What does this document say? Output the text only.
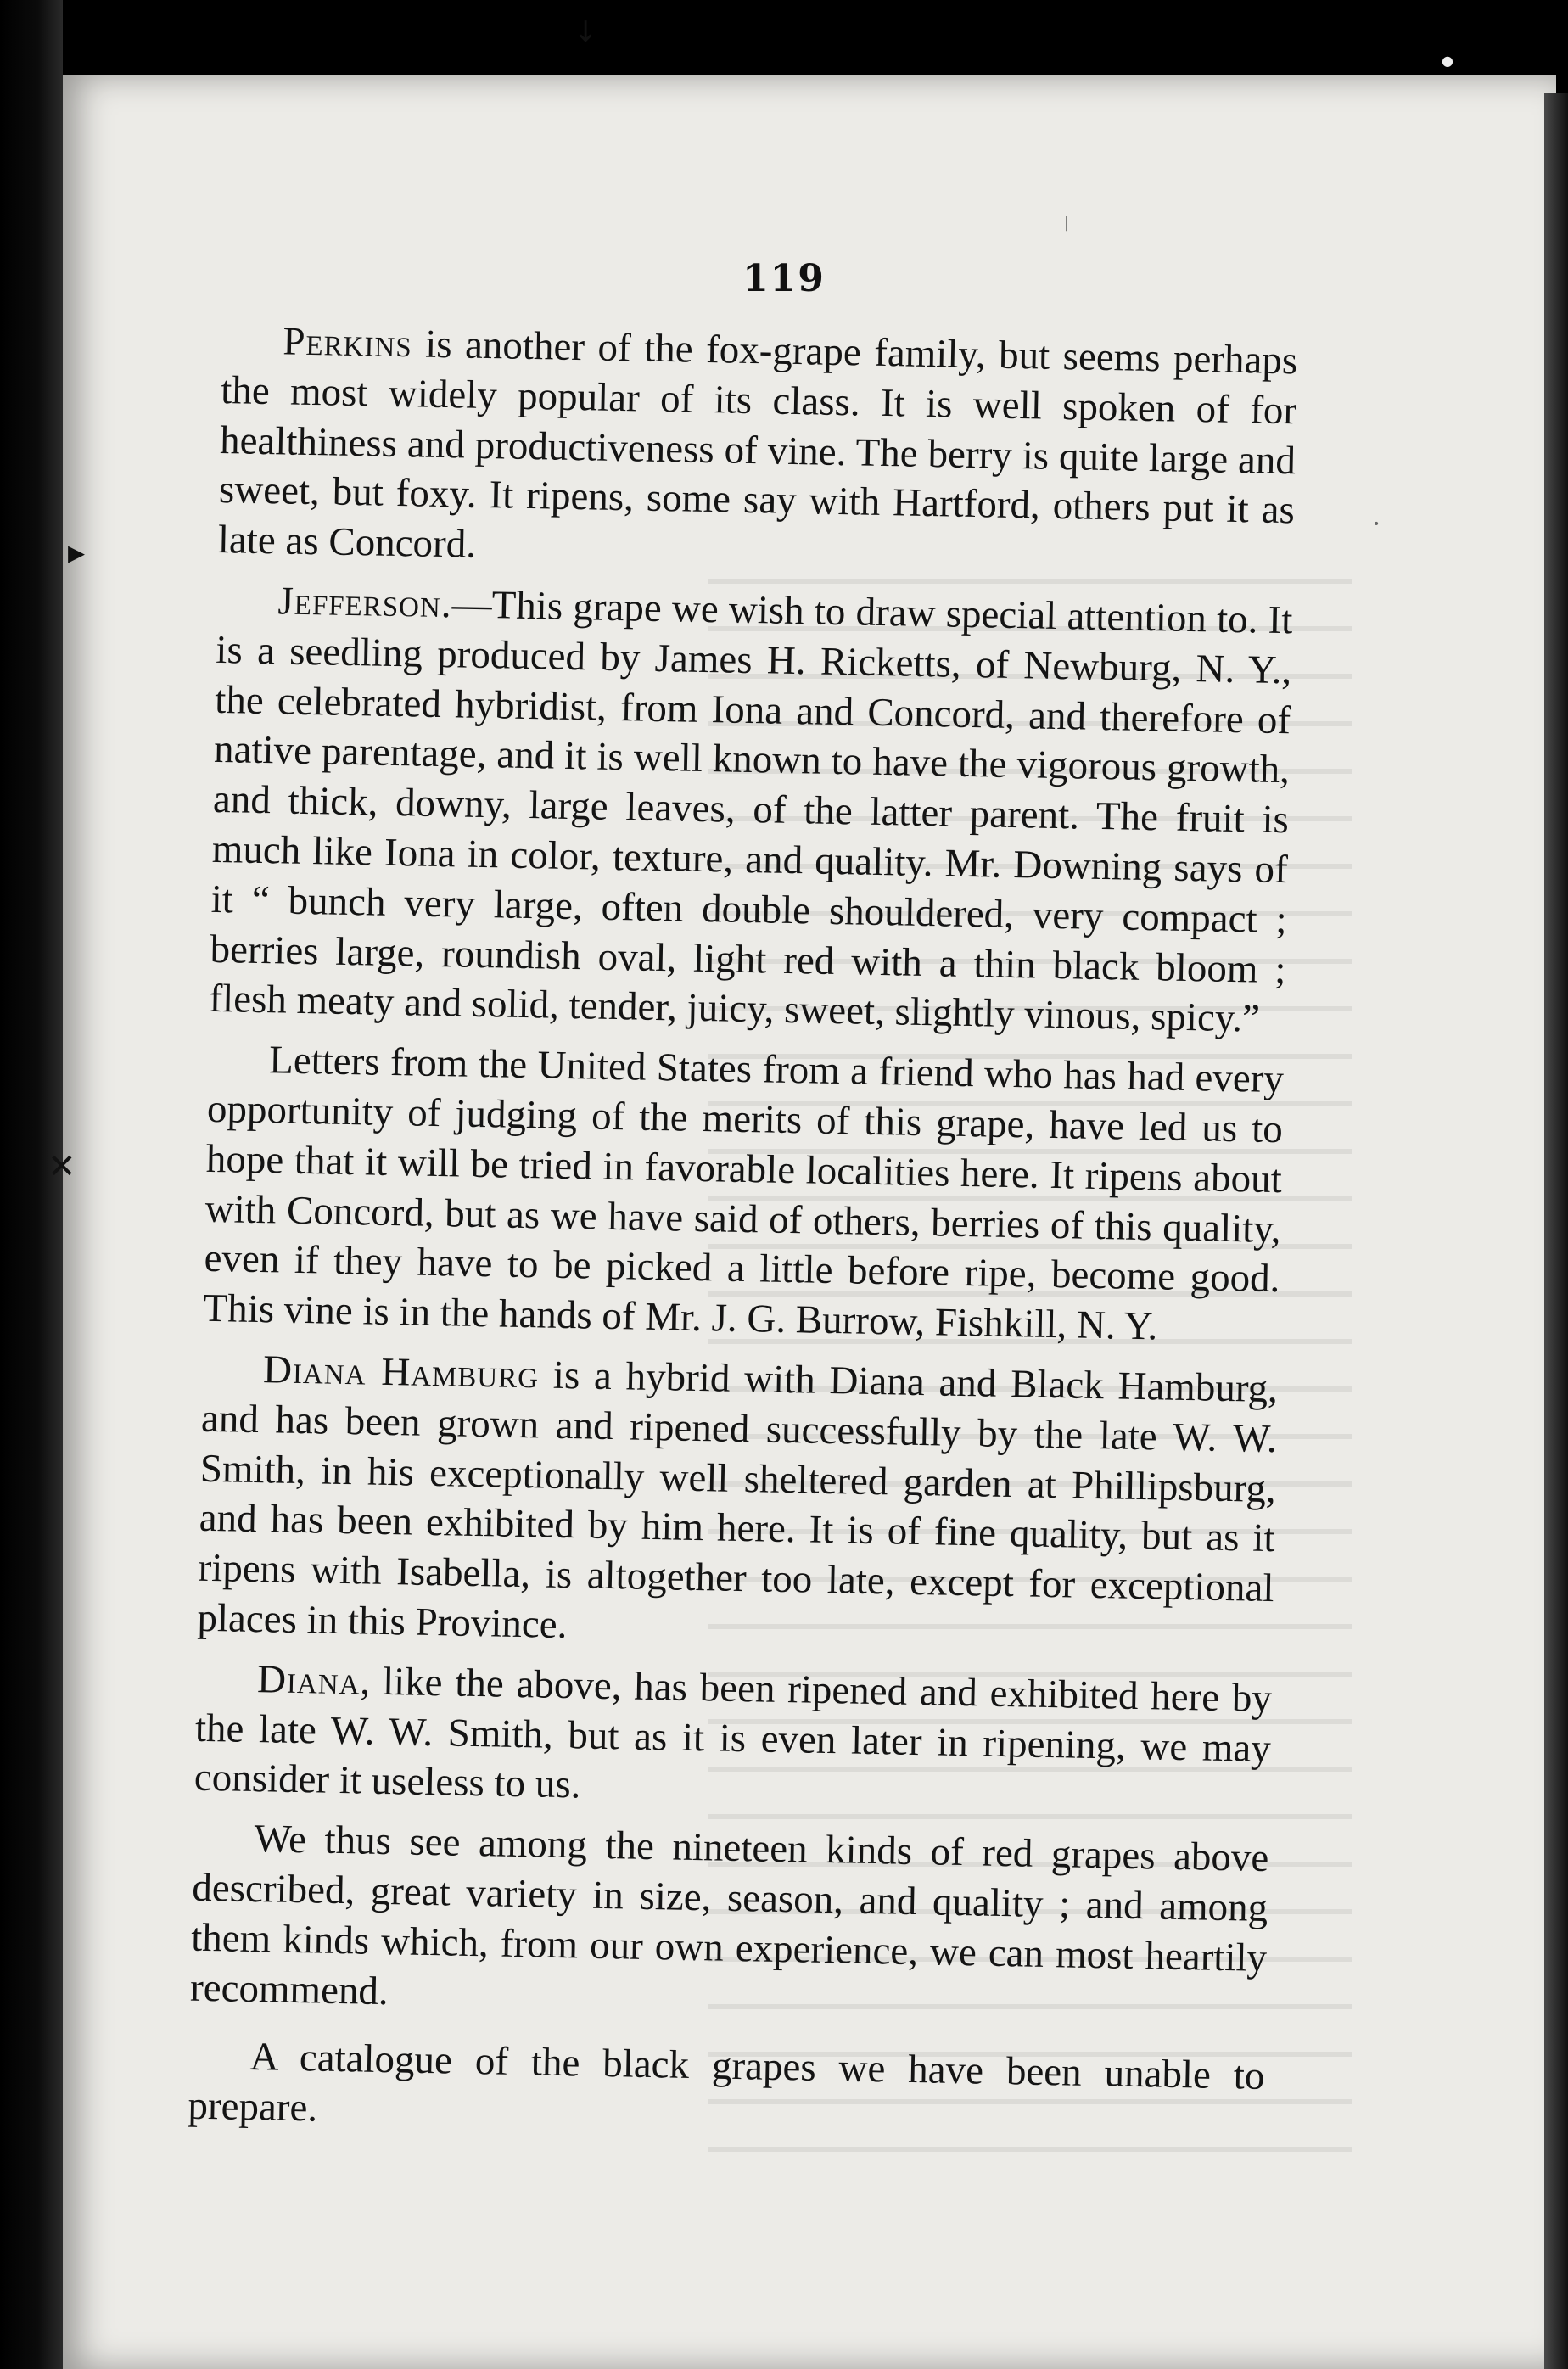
↓
●
|
▸
✕
•
119

Perkins is another of the fox-grape family, but seems perhaps the most widely popular of its class. It is well spoken of for healthiness and productiveness of vine. The berry is quite large and sweet, but foxy. It ripens, some say with Hartford, others put it as late as Concord.

Jefferson.—This grape we wish to draw special attention to. It is a seedling produced by James H. Ricketts, of Newburg, N. Y., the celebrated hybridist, from Iona and Concord, and therefore of native parentage, and it is well known to have the vigorous growth, and thick, downy, large leaves, of the latter parent. The fruit is much like Iona in color, texture, and quality. Mr. Downing says of it “ bunch very large, often double shouldered, very compact ; berries large, roundish oval, light red with a thin black bloom ; flesh meaty and solid, tender, juicy, sweet, slightly vinous, spicy.”

Letters from the United States from a friend who has had every opportunity of judging of the merits of this grape, have led us to hope that it will be tried in favorable localities here. It ripens about with Concord, but as we have said of others, berries of this quality, even if they have to be picked a little before ripe, become good. This vine is in the hands of Mr. J. G. Burrow, Fishkill, N. Y.

Diana Hamburg is a hybrid with Diana and Black Hamburg, and has been grown and ripened successfully by the late W. W. Smith, in his exceptionally well sheltered garden at Phillipsburg, and has been exhibited by him here. It is of fine quality, but as it ripens with Isabella, is altogether too late, except for exceptional places in this Province.

Diana, like the above, has been ripened and exhibited here by the late W. W. Smith, but as it is even later in ripening, we may consider it useless to us.

We thus see among the nineteen kinds of red grapes above described, great variety in size, season, and quality ; and among them kinds which, from our own experience, we can most heartily recommend.

A catalogue of the black grapes we have been unable to prepare.
